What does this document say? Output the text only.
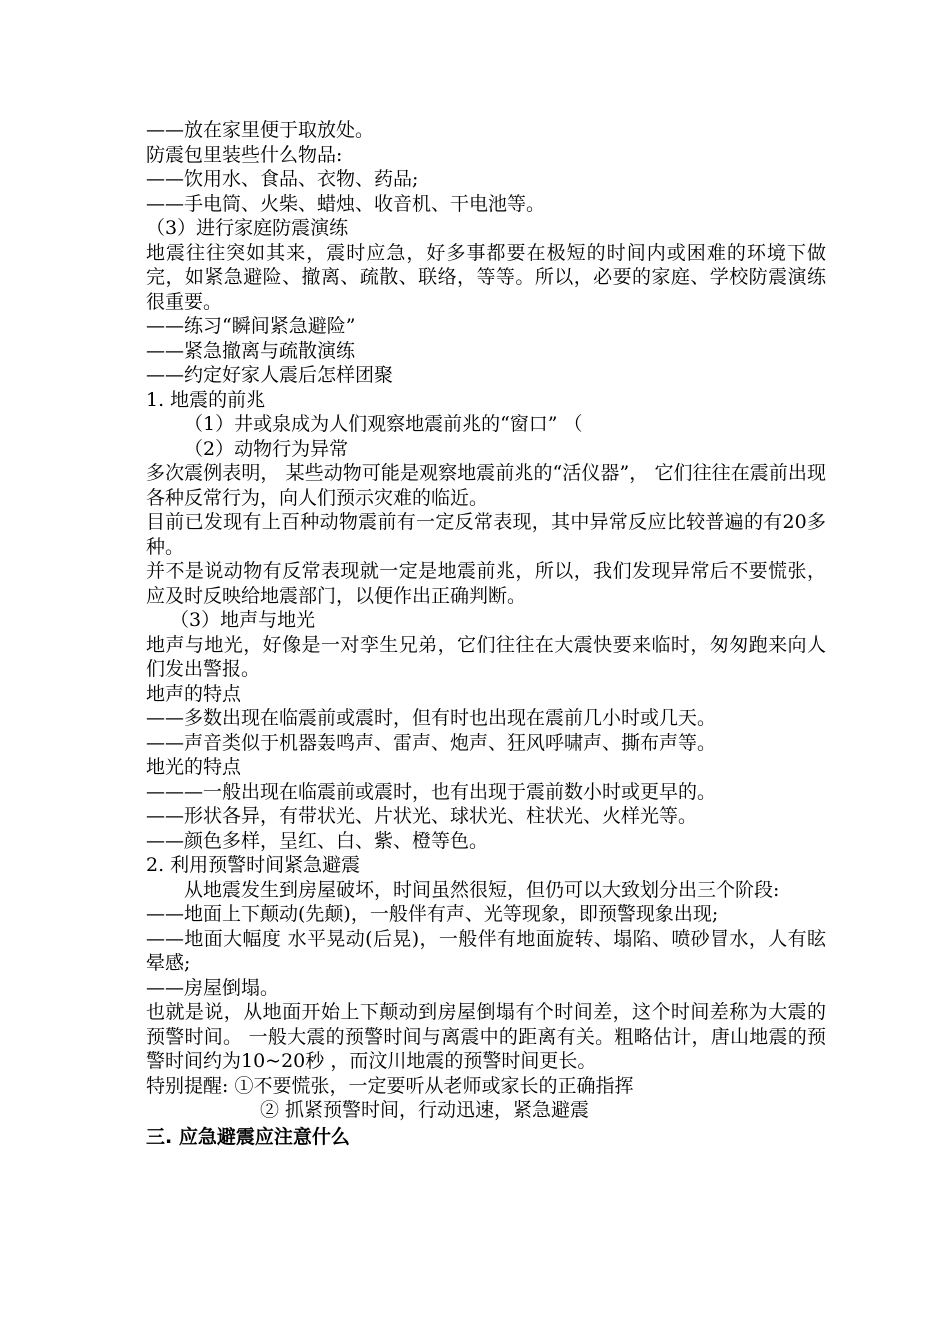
——放在家里便于取放处。

防震包里装些什么物品:

——饮用水、食品、衣物、药品;

——手电筒、火柴、蜡烛、收音机、干电池等。

（3）进行家庭防震演练

地震往往突如其来，震时应急，好多事都要在极短的时间内或困难的环境下做完，如紧急避险、撤离、疏散、联络，等等。所以，必要的家庭、学校防震演练很重要。

——练习“瞬间紧急避险”

——紧急撤离与疏散演练

——约定好家人震后怎样团聚

1. 地震的前兆

（1）井或泉成为人们观察地震前兆的“窗口” （

（2）动物行为异常

多次震例表明， 某些动物可能是观察地震前兆的“活仪器”， 它们往往在震前出现各种反常行为，向人们预示灾难的临近。

目前已发现有上百种动物震前有一定反常表现，其中异常反应比较普遍的有20多种。

并不是说动物有反常表现就一定是地震前兆，所以，我们发现异常后不要慌张，应及时反映给地震部门，以便作出正确判断。

（3）地声与地光

地声与地光，好像是一对孪生兄弟，它们往往在大震快要来临时，匆匆跑来向人们发出警报。

地声的特点

——多数出现在临震前或震时，但有时也出现在震前几小时或几天。

——声音类似于机器轰鸣声、雷声、炮声、狂风呼啸声、撕布声等。

地光的特点

———一般出现在临震前或震时，也有出现于震前数小时或更早的。

——形状各异，有带状光、片状光、球状光、柱状光、火样光等。

——颜色多样，呈红、白、紫、橙等色。

2. 利用预警时间紧急避震

从地震发生到房屋破坏，时间虽然很短，但仍可以大致划分出三个阶段:

——地面上下颠动(先颠)，一般伴有声、光等现象，即预警现象出现;

——地面大幅度 水平晃动(后晃)，一般伴有地面旋转、塌陷、喷砂冒水，人有眩晕感;

——房屋倒塌。

也就是说，从地面开始上下颠动到房屋倒塌有个时间差，这个时间差称为大震的预警时间。 一般大震的预警时间与离震中的距离有关。粗略估计，唐山地震的预警时间约为10~20秒 ，而汶川地震的预警时间更长。

特别提醒: ①不要慌张，一定要听从老师或家长的正确指挥

② 抓紧预警时间，行动迅速，紧急避震

三. 应急避震应注意什么
